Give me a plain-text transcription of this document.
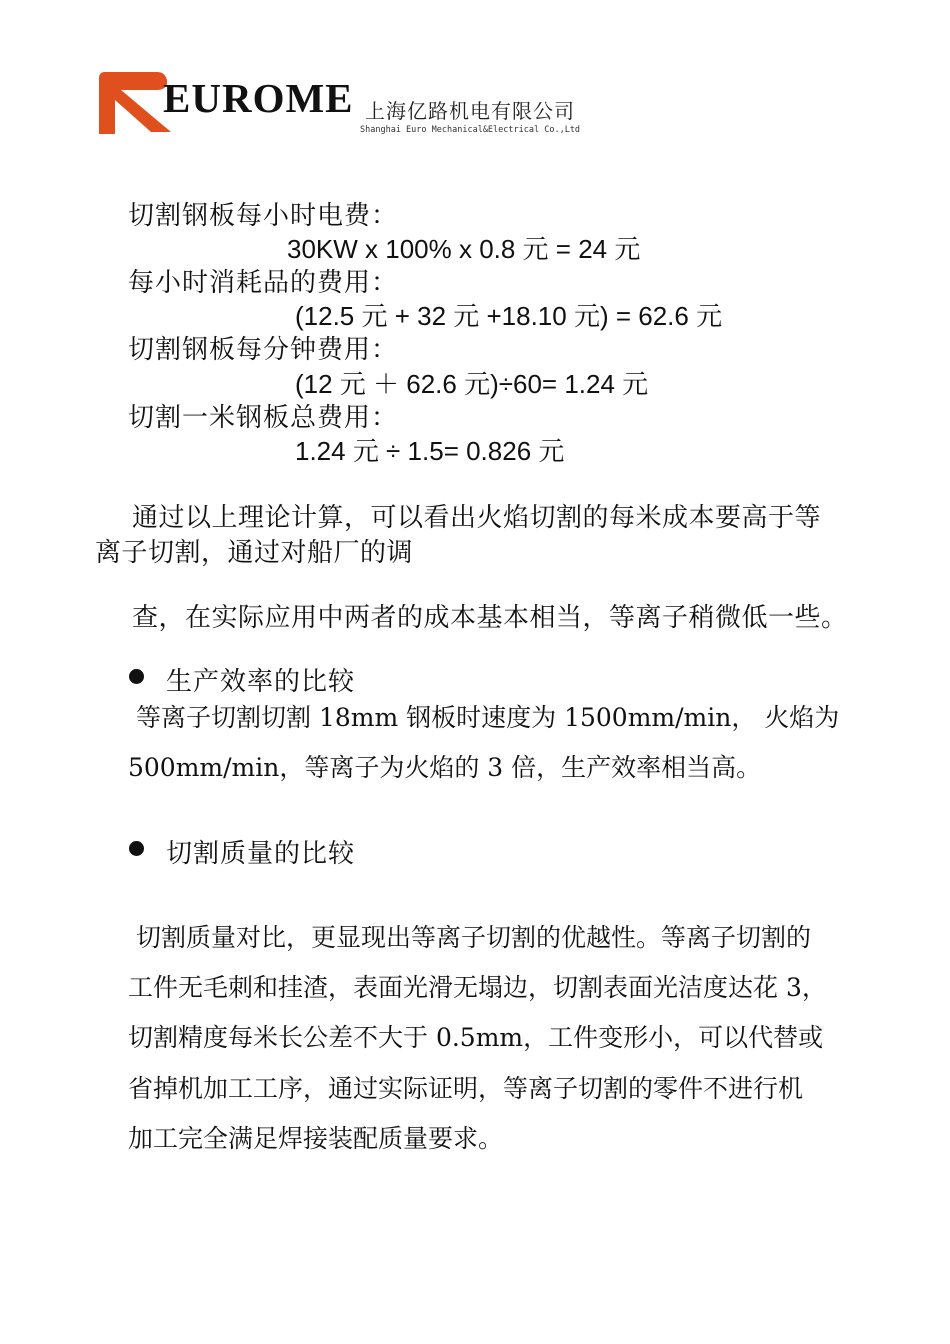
EUROME 上海亿路机电有限公司
Shanghai Euro Mechanical&Electrical Co.,Ltd
切割钢板每小时电费：
30KW x 100% x 0.8 元 = 24 元
每小时消耗品的费用：
(12.5 元 + 32 元 +18.10 元) = 62.6 元
切割钢板每分钟费用：
(12 元 ＋ 62.6 元)÷60= 1.24 元
切割一米钢板总费用：
1.24 元 ÷ 1.5= 0.826 元
通过以上理论计算，可以看出火焰切割的每米成本要高于等
离子切割，通过对船厂的调
查，在实际应用中两者的成本基本相当，等离子稍微低一些。
生产效率的比较
等离子切割切割 18mm 钢板时速度为 1500mm/min， 火焰为
500mm/min，等离子为火焰的 3 倍，生产效率相当高。
切割质量的比较
切割质量对比，更显现出等离子切割的优越性。等离子切割的
工件无毛刺和挂渣，表面光滑无塌边，切割表面光洁度达花 3，
切割精度每米长公差不大于 0.5mm，工件变形小，可以代替或
省掉机加工工序，通过实际证明，等离子切割的零件不进行机
加工完全满足焊接装配质量要求。
